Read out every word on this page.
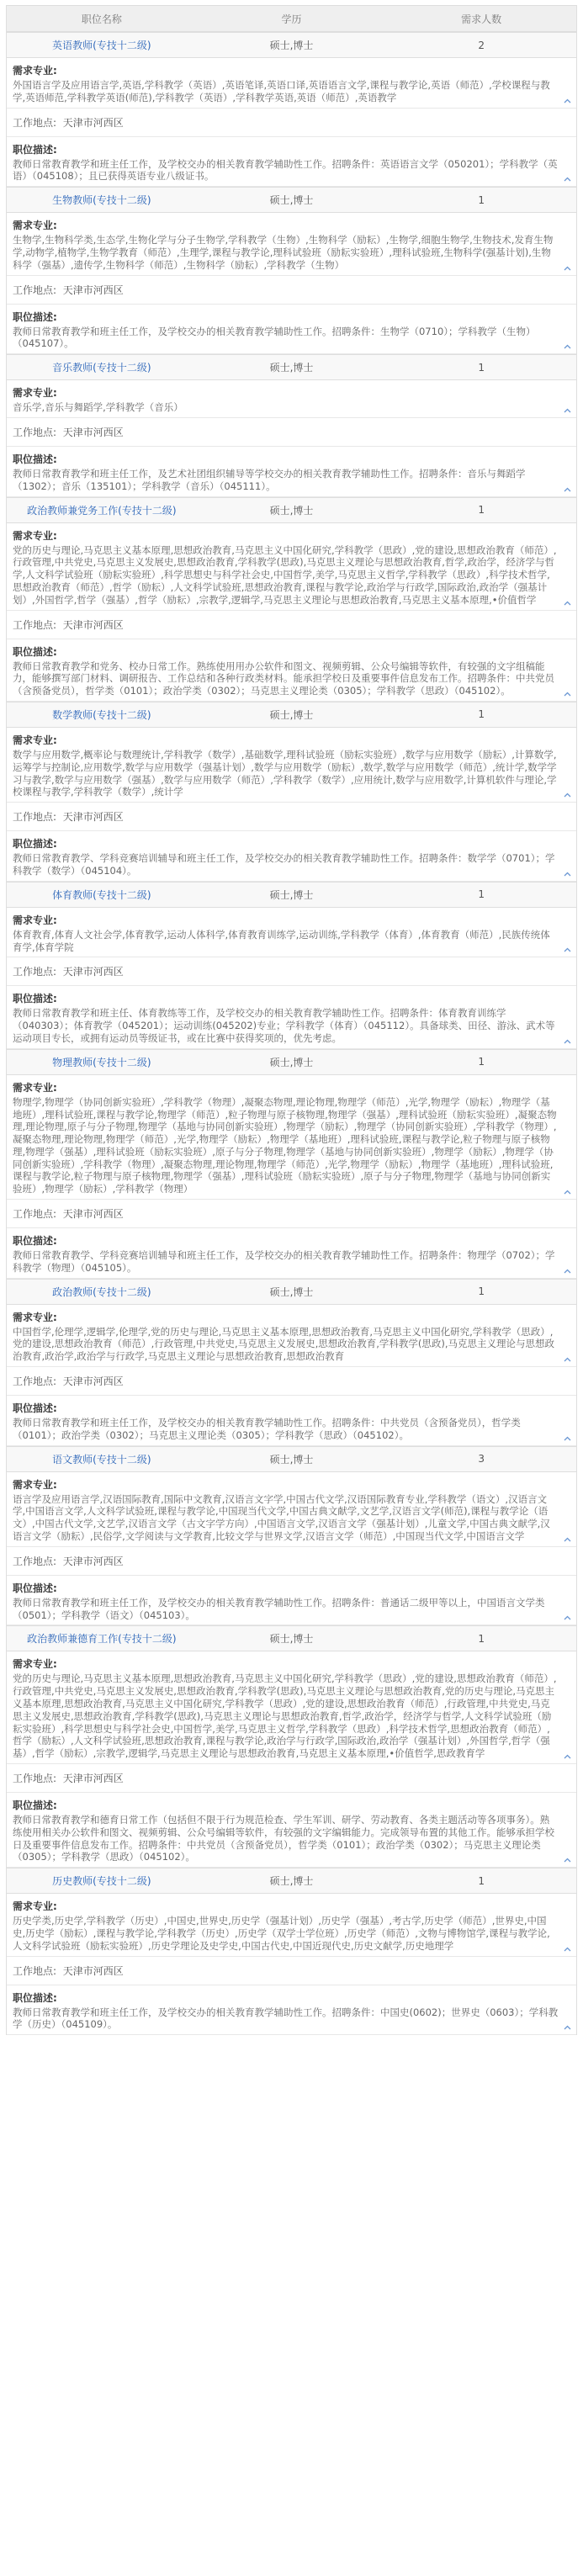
职位名称	学历	需求人数
英语教师(专技十二级)	硕士,博士	2
需求专业:

外国语言学及应用语言学,英语,学科教学（英语）,英语笔译,英语口译,英语语言文学,课程与教学论,英语（师范）,学校课程与教学,英语师范,学科教学英语(师范),学科教学（英语）,学科教学英语,英语（师范）,英语教学

工作地点: 天津市河西区
职位描述:

教师日常教育教学和班主任工作，及学校交办的相关教育教学辅助性工作。招聘条件：英语语言文学（050201）；学科教学（英语）（045108）；且已获得英语专业八级证书。

生物教师(专技十二级)	硕士,博士	1
需求专业:

生物学,生物科学类,生态学,生物化学与分子生物学,学科教学（生物）,生物科学（励耘）,生物学,细胞生物学,生物技术,发育生物学,动物学,植物学,生物学教育（师范）,生理学,课程与教学论,理科试验班（励耘实验班）,理科试验班,生物科学(强基计划),生物科学（强基）,遗传学,生物科学（师范）,生物科学（励耘）,学科教学（生物）

工作地点: 天津市河西区
职位描述:

教师日常教育教学和班主任工作，及学校交办的相关教育教学辅助性工作。招聘条件：生物学（0710）；学科教学（生物）（045107）。

音乐教师(专技十二级)	硕士,博士	1
需求专业:

音乐学,音乐与舞蹈学,学科教学（音乐）

工作地点: 天津市河西区
职位描述:

教师日常教育教学和班主任工作，及艺术社团组织辅导等学校交办的相关教育教学辅助性工作。招聘条件：音乐与舞蹈学（1302）；音乐（135101）；学科教学（音乐）（045111）。

政治教师兼党务工作(专技十二级)	硕士,博士	1
需求专业:

党的历史与理论,马克思主义基本原理,思想政治教育,马克思主义中国化研究,学科教学（思政）,党的建设,思想政治教育（师范）,行政管理,中共党史,马克思主义发展史,思想政治教育,学科教学(思政),马克思主义理论与思想政治教育,哲学,政治学，经济学与哲学,人文科学试验班（励耘实验班）,科学思想史与科学社会史,中国哲学,美学,马克思主义哲学,学科教学（思政）,科学技术哲学,思想政治教育（师范）,哲学（励耘）,人文科学试验班,思想政治教育,课程与教学论,政治学与行政学,国际政治,政治学（强基计划）,外国哲学,哲学（强基）,哲学（励耘）,宗教学,逻辑学,马克思主义理论与思想政治教育,马克思主义基本原理,•价值哲学

工作地点: 天津市河西区
职位描述:

教师日常教育教学和党务、校办日常工作。熟练使用用办公软件和图文、视频剪辑、公众号编辑等软件，有较强的文字组稿能力，能够撰写部门材料、调研报告、工作总结和各种行政类材料。能承担学校日及重要事件信息发布工作。招聘条件：中共党员（含预备党员），哲学类（0101）；政治学类（0302）；马克思主义理论类（0305）；学科教学（思政）（045102）。

数学教师(专技十二级)	硕士,博士	1
需求专业:

数学与应用数学,概率论与数理统计,学科教学（数学）,基础数学,理科试验班（励耘实验班）,数学与应用数学（励耘）,计算数学,运筹学与控制论,应用数学,数学与应用数学（强基计划）,数学与应用数学（励耘）,数学,数学与应用数学（师范）,统计学,数学学习与教学,数学与应用数学（强基）,数学与应用数学（师范）,学科教学（数学）,应用统计,数学与应用数学,计算机软件与理论,学校课程与教学,学科教学（数学）,统计学

工作地点: 天津市河西区
职位描述:

教师日常教育教学、学科竞赛培训辅导和班主任工作，及学校交办的相关教育教学辅助性工作。招聘条件：数学学（0701）；学科教学（数学）（045104）。

体育教师(专技十二级)	硕士,博士	1
需求专业:

体育教育,体育人文社会学,体育教学,运动人体科学,体育教育训练学,运动训练,学科教学（体育）,体育教育（师范）,民族传统体育学,体育学院

工作地点: 天津市河西区
职位描述:

教师日常教育教学和班主任、体育教练等工作，及学校交办的相关教育教学辅助性工作。招聘条件：体育教育训练学（040303）；体育教学（045201）；运动训练(045202)专业；学科教学（体育）（045112）。具备球类、田径、游泳、武术等运动项目专长，或拥有运动员等级证书，或在比赛中获得奖项的，优先考虑。

物理教师(专技十二级)	硕士,博士	1
需求专业:

物理学,物理学（协同创新实验班）,学科教学（物理）,凝聚态物理,理论物理,物理学（师范）,光学,物理学（励耘）,物理学（基地班）,理科试验班,课程与教学论,物理学（师范）,粒子物理与原子核物理,物理学（强基）,理科试验班（励耘实验班）,凝聚态物理,理论物理,原子与分子物理,物理学（基地与协同创新实验班）,物理学（励耘）,物理学（协同创新实验班）,学科教学（物理）,凝聚态物理,理论物理,物理学（师范）,光学,物理学（励耘）,物理学（基地班）,理科试验班,课程与教学论,粒子物理与原子核物理,物理学（强基）,理科试验班（励耘实验班）,原子与分子物理,物理学（基地与协同创新实验班）,物理学（励耘）,物理学（协同创新实验班）,学科教学（物理）,凝聚态物理,理论物理,物理学（师范）,光学,物理学（励耘）,物理学（基地班）,理科试验班,课程与教学论,粒子物理与原子核物理,物理学（强基）,理科试验班（励耘实验班）,原子与分子物理,物理学（基地与协同创新实验班）,物理学（励耘）,学科教学（物理）

工作地点: 天津市河西区
职位描述:

教师日常教育教学、学科竞赛培训辅导和班主任工作，及学校交办的相关教育教学辅助性工作。招聘条件：物理学（0702）；学科教学（物理）（045105）。

政治教师(专技十二级)	硕士,博士	1
需求专业:

中国哲学,伦理学,逻辑学,伦理学,党的历史与理论,马克思主义基本原理,思想政治教育,马克思主义中国化研究,学科教学（思政）,党的建设,思想政治教育（师范）,行政管理,中共党史,马克思主义发展史,思想政治教育,学科教学(思政),马克思主义理论与思想政治教育,政治学,政治学与行政学,马克思主义理论与思想政治教育,思想政治教育

工作地点: 天津市河西区
职位描述:

教师日常教育教学和班主任工作，及学校交办的相关教育教学辅助性工作。招聘条件：中共党员（含预备党员），哲学类（0101）；政治学类（0302）；马克思主义理论类（0305）；学科教学（思政）（045102）。

语文教师(专技十二级)	硕士,博士	3
需求专业:

语言学及应用语言学,汉语国际教育,国际中文教育,汉语言文字学,中国古代文学,汉语国际教育专业,学科教学（语文）,汉语言文学,中国语言文学,人文科学试验班,课程与教学论,中国现当代文学,中国古典文献学,文艺学,汉语言文学(师范),课程与教学论（语文）,中国古代文学,文艺学,汉语言文学（古文字学方向）,中国语言文学,汉语言文学（强基计划）,儿童文学,中国古典文献学,汉语言文学（励耘）,民俗学,文学阅读与文学教育,比较文学与世界文学,汉语言文学（师范）,中国现当代文学,中国语言文学

工作地点: 天津市河西区
职位描述:

教师日常教育教学和班主任工作，及学校交办的相关教育教学辅助性工作。招聘条件：普通话二级甲等以上，中国语言文学类（0501）；学科教学（语文）（045103）。

政治教师兼德育工作(专技十二级)	硕士,博士	1
需求专业:

党的历史与理论,马克思主义基本原理,思想政治教育,马克思主义中国化研究,学科教学（思政）,党的建设,思想政治教育（师范）,行政管理,中共党史,马克思主义发展史,思想政治教育,学科教学(思政),马克思主义理论与思想政治教育,党的历史与理论,马克思主义基本原理,思想政治教育,马克思主义中国化研究,学科教学（思政）,党的建设,思想政治教育（师范）,行政管理,中共党史,马克思主义发展史,思想政治教育,学科教学(思政),马克思主义理论与思想政治教育,哲学,政治学，经济学与哲学,人文科学试验班（励耘实验班）,科学思想史与科学社会史,中国哲学,美学,马克思主义哲学,学科教学（思政）,科学技术哲学,思想政治教育（师范）,哲学（励耘）,人文科学试验班,思想政治教育,课程与教学论,政治学与行政学,国际政治,政治学（强基计划）,外国哲学,哲学（强基）,哲学（励耘）,宗教学,逻辑学,马克思主义理论与思想政治教育,马克思主义基本原理,•价值哲学,思政教育学

工作地点: 天津市河西区
职位描述:

教师日常教育教学和德育日常工作（包括但不限于行为规范检查、学生军训、研学、劳动教育、各类主题活动等各项事务）。熟练使用相关办公软件和图文、视频剪辑、公众号编辑等软件，有较强的文字编辑能力。完成领导布置的其他工作。能够承担学校日及重要事件信息发布工作。招聘条件：中共党员（含预备党员），哲学类（0101）；政治学类（0302）；马克思主义理论类（0305）；学科教学（思政）（045102）。

历史教师(专技十二级)	硕士,博士	1
需求专业:

历史学类,历史学,学科教学（历史）,中国史,世界史,历史学（强基计划）,历史学（强基）,考古学,历史学（师范）,世界史,中国史,历史学（励耘）,课程与教学论,学科教学（历史）,历史学（双学士学位班）,历史学（师范）,文物与博物馆学,课程与教学论,人文科学试验班（励耘实验班）,历史学理论及史学史,中国古代史,中国近现代史,历史文献学,历史地理学

工作地点: 天津市河西区
职位描述:

教师日常教育教学和班主任工作，及学校交办的相关教育教学辅助性工作。招聘条件：中国史(0602)；世界史（0603）；学科教学（历史）（045109）。
